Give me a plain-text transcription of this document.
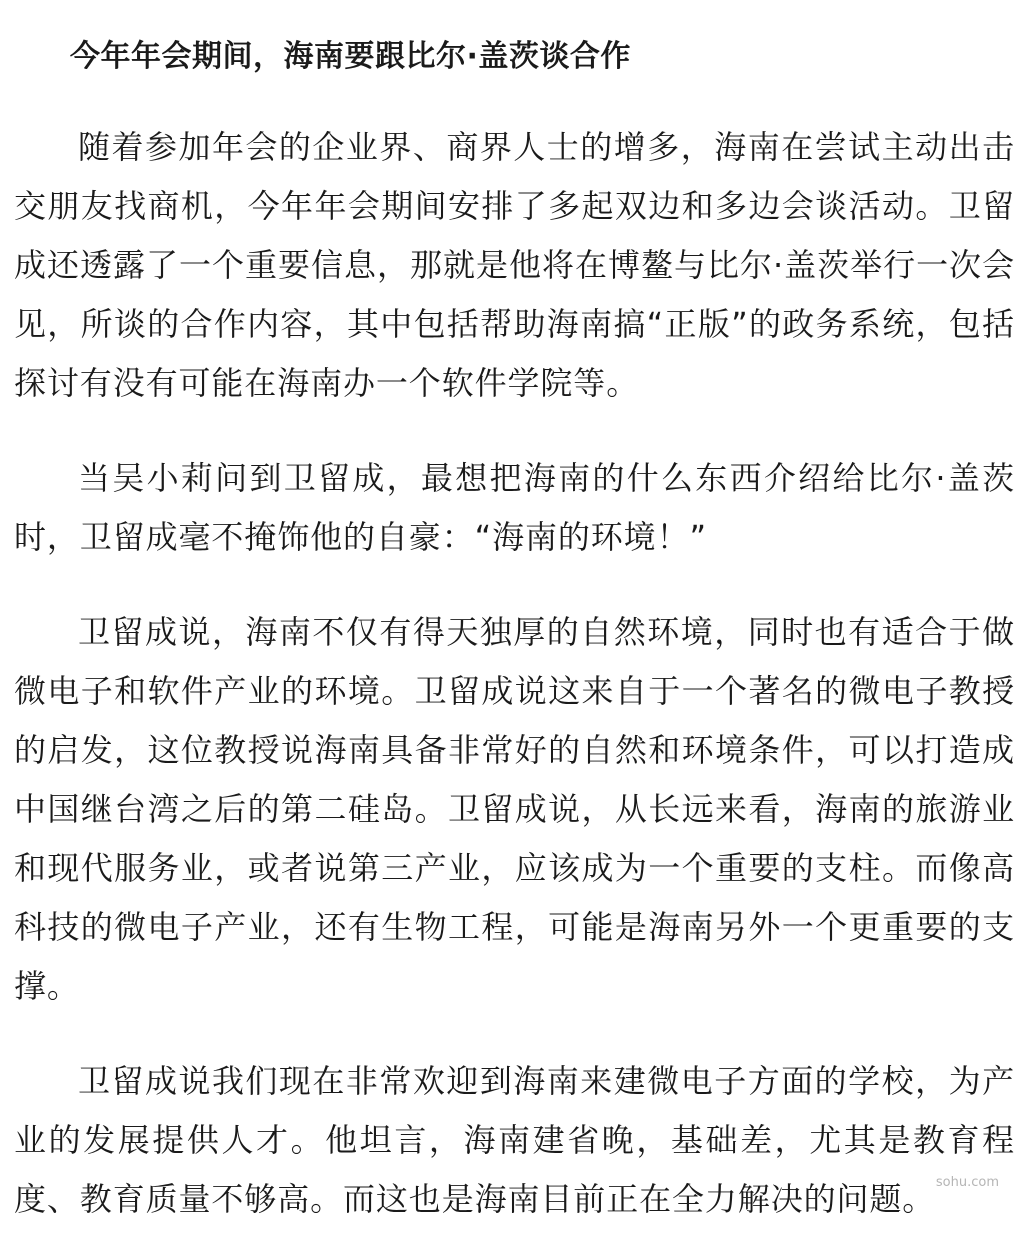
今年年会期间，海南要跟比尔·盖茨谈合作

随着参加年会的企业界、商界人士的增多，海南在尝试主动出击交朋友找商机，今年年会期间安排了多起双边和多边会谈活动。卫留成还透露了一个重要信息，那就是他将在博鳌与比尔·盖茨举行一次会见，所谈的合作内容，其中包括帮助海南搞“正版”的政务系统，包括探讨有没有可能在海南办一个软件学院等。

当吴小莉问到卫留成，最想把海南的什么东西介绍给比尔·盖茨时，卫留成毫不掩饰他的自豪：“海南的环境！”

卫留成说，海南不仅有得天独厚的自然环境，同时也有适合于做微电子和软件产业的环境。卫留成说这来自于一个著名的微电子教授的启发，这位教授说海南具备非常好的自然和环境条件，可以打造成中国继台湾之后的第二硅岛。卫留成说，从长远来看，海南的旅游业和现代服务业，或者说第三产业，应该成为一个重要的支柱。而像高科技的微电子产业，还有生物工程，可能是海南另外一个更重要的支撑。

卫留成说我们现在非常欢迎到海南来建微电子方面的学校，为产业的发展提供人才。他坦言，海南建省晚，基础差，尤其是教育程度、教育质量不够高。而这也是海南目前正在全力解决的问题。 sohu.com
